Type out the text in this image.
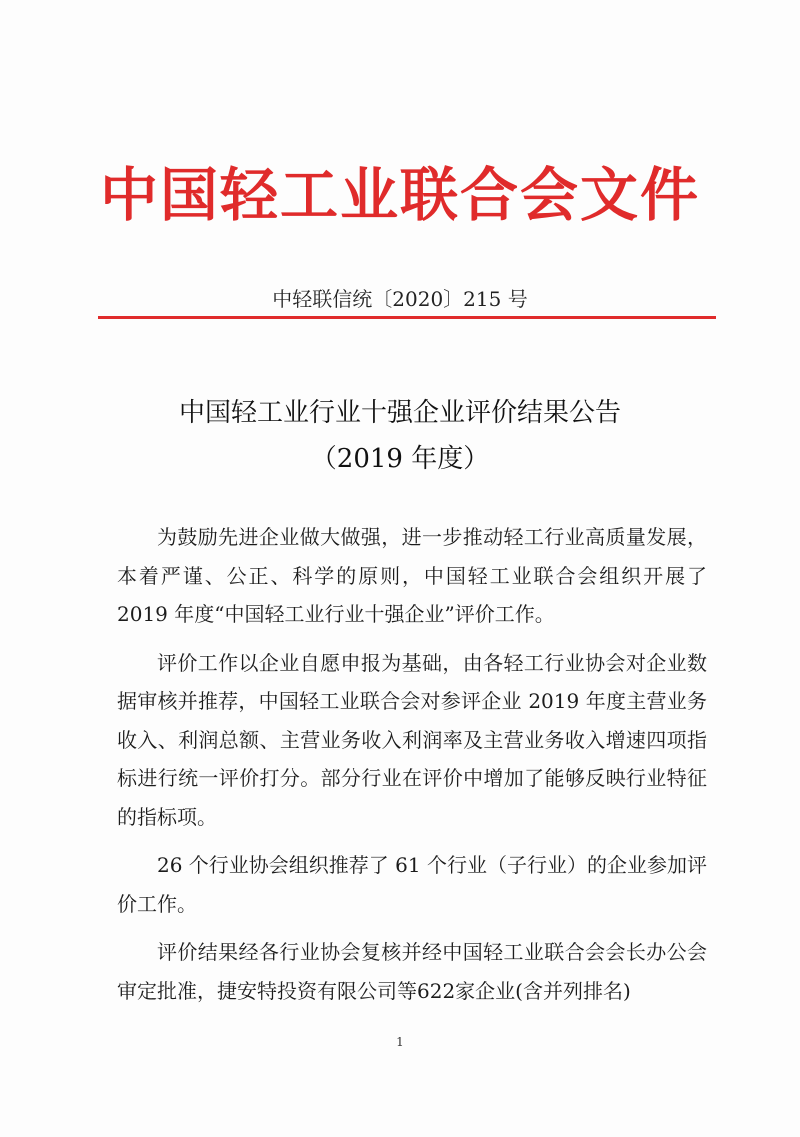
中国轻工业联合会文件
中轻联信统〔2020〕215 号
中国轻工业行业十强企业评价结果公告
（2019 年度）

为鼓励先进企业做大做强，进一步推动轻工行业高质量发展，本着严谨、公正、科学的原则，中国轻工业联合会组织开展了 2019 年度“中国轻工业行业十强企业”评价工作。

评价工作以企业自愿申报为基础，由各轻工行业协会对企业数据审核并推荐，中国轻工业联合会对参评企业 2019 年度主营业务收入、利润总额、主营业务收入利润率及主营业务收入增速四项指标进行统一评价打分。部分行业在评价中增加了能够反映行业特征的指标项。

26 个行业协会组织推荐了 61 个行业（子行业）的企业参加评价工作。

评价结果经各行业协会复核并经中国轻工业联合会会长办公会审定批准，捷安特投资有限公司等622家企业(含并列排名)

1
